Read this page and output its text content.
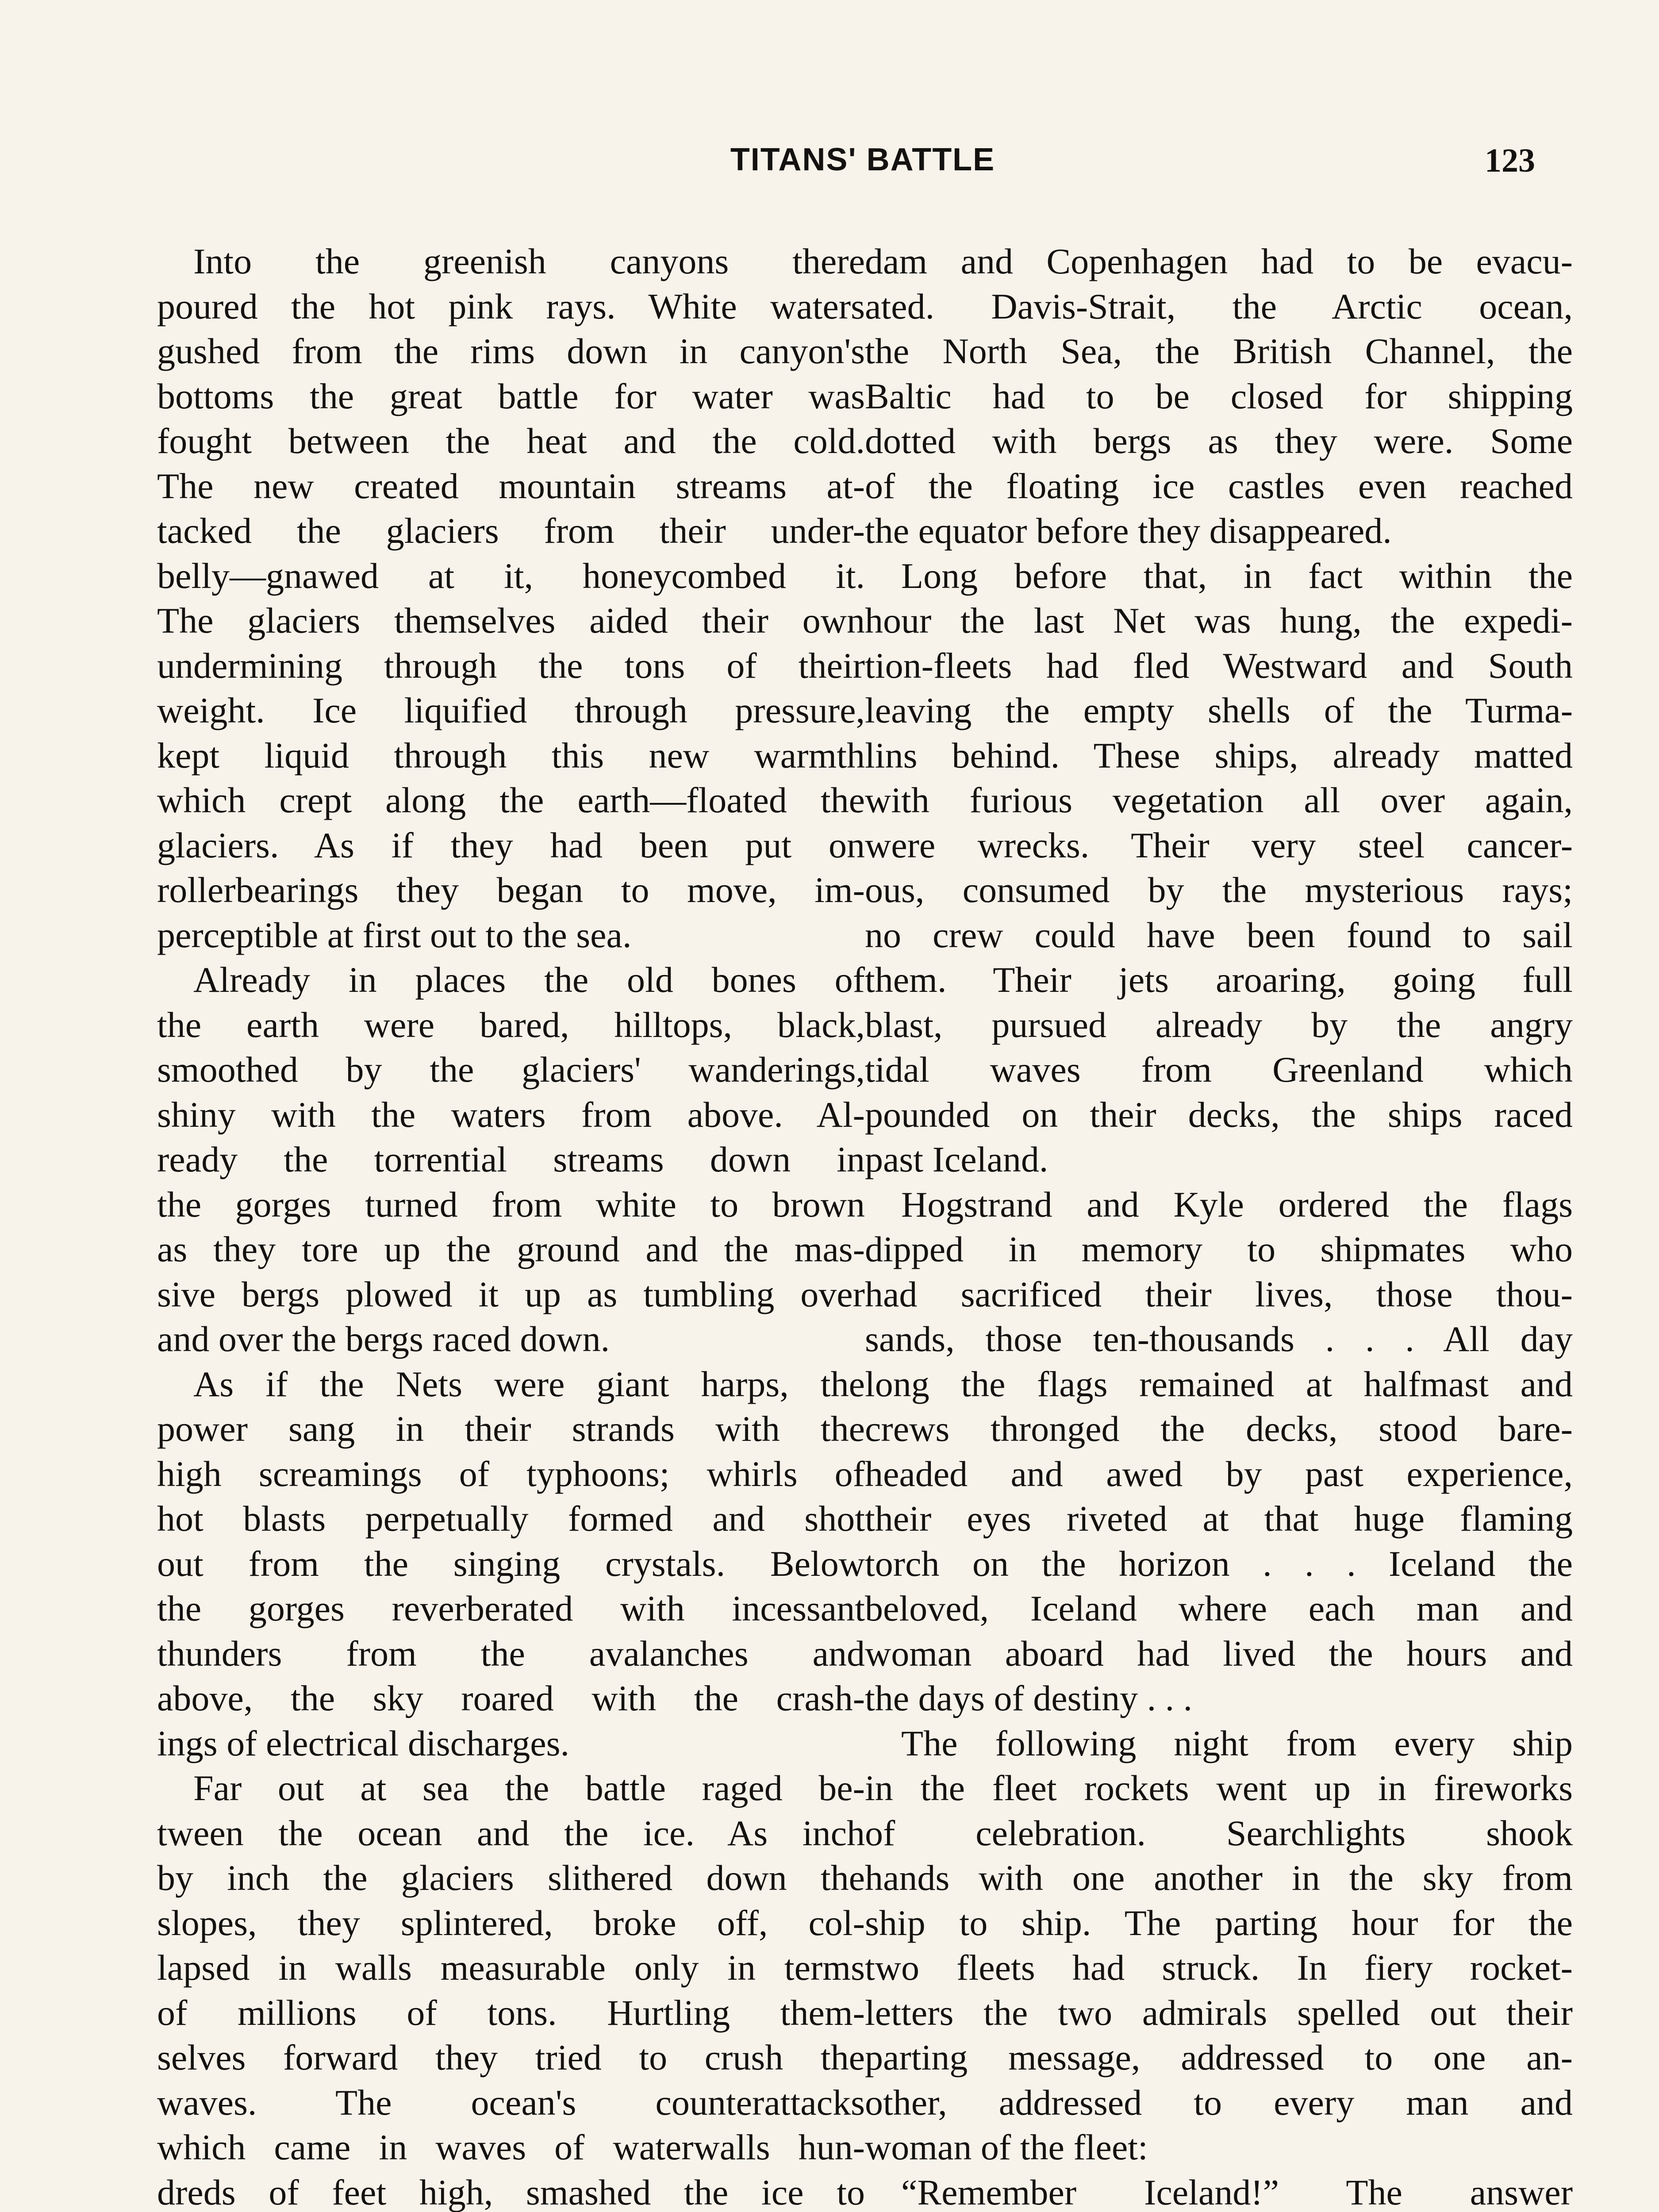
TITANS' BATTLE	123
Into the greenish canyons there
poured the hot pink rays. White waters
gushed from the rims down in canyon's
bottoms the great battle for water was
fought between the heat and the cold.
The new created mountain streams at-
tacked the glaciers from their under-
belly—gnawed at it, honeycombed it.
The glaciers themselves aided their own
undermining through the tons of their
weight. Ice liquified through pressure,
kept liquid through this new warmth
which crept along the earth—floated the
glaciers. As if they had been put on
rollerbearings they began to move, im-
perceptible at first out to the sea.
Already in places the old bones of
the earth were bared, hilltops, black,
smoothed by the glaciers' wanderings,
shiny with the waters from above. Al-
ready the torrential streams down in
the gorges turned from white to brown
as they tore up the ground and the mas-
sive bergs plowed it up as tumbling over
and over the bergs raced down.
As if the Nets were giant harps, the
power sang in their strands with the
high screamings of typhoons; whirls of
hot blasts perpetually formed and shot
out from the singing crystals. Below
the gorges reverberated with incessant
thunders from the avalanches and
above, the sky roared with the crash-
ings of electrical discharges.
Far out at sea the battle raged be-
tween the ocean and the ice. As inch
by inch the glaciers slithered down the
slopes, they splintered, broke off, col-
lapsed in walls measurable only in terms
of millions of tons. Hurtling them-
selves forward they tried to crush the
waves. The ocean's counterattacks
which came in waves of waterwalls hun-
dreds of feet high, smashed the ice to
dam and Copenhagen had to be evacu-
ated. Davis-Strait, the Arctic ocean,
the North Sea, the British Channel, the
Baltic had to be closed for shipping
dotted with bergs as they were. Some
of the floating ice castles even reached
the equator before they disappeared.
Long before that, in fact within the
hour the last Net was hung, the expedi-
tion-fleets had fled Westward and South
leaving the empty shells of the Turma-
lins behind. These ships, already matted
with furious vegetation all over again,
were wrecks. Their very steel cancer-
ous, consumed by the mysterious rays;
no crew could have been found to sail
them. Their jets aroaring, going full
blast, pursued already by the angry
tidal waves from Greenland which
pounded on their decks, the ships raced
past Iceland.
Hogstrand and Kyle ordered the flags
dipped in memory to shipmates who
had sacrificed their lives, those thou-
sands, those ten-thousands . . . All day
long the flags remained at halfmast and
crews thronged the decks, stood bare-
headed and awed by past experience,
their eyes riveted at that huge flaming
torch on the horizon . . . Iceland the
beloved, Iceland where each man and
woman aboard had lived the hours and
the days of destiny . . .
The following night from every ship
in the fleet rockets went up in fireworks
of celebration. Searchlights shook
hands with one another in the sky from
ship to ship. The parting hour for the
two fleets had struck. In fiery rocket-
letters the two admirals spelled out their
parting message, addressed to one an-
other, addressed to every man and
woman of the fleet:
“Remember Iceland!” The answer
